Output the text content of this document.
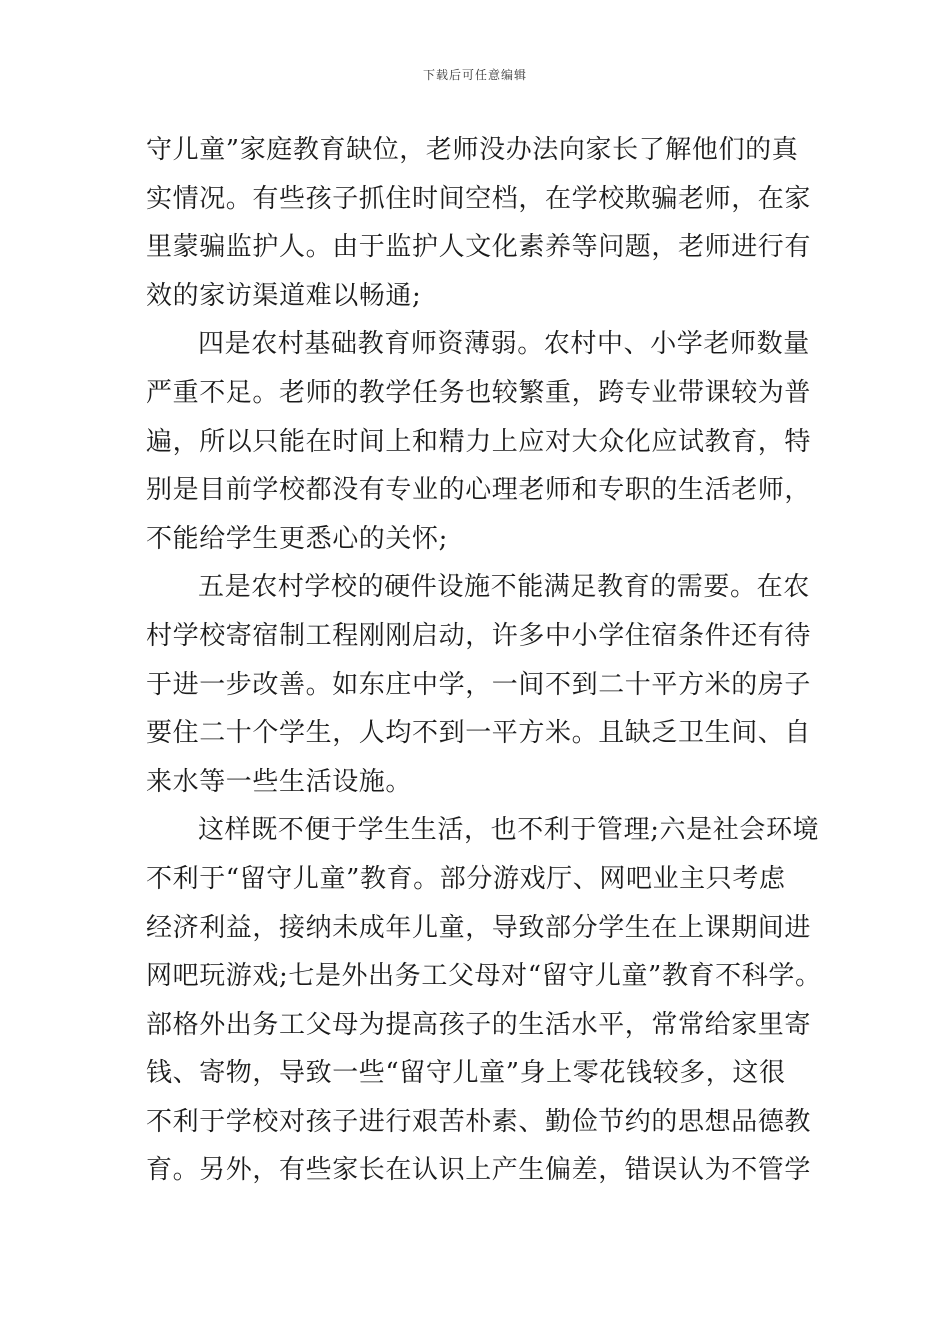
下载后可任意编辑
守儿童”家庭教育缺位，老师没办法向家长了解他们的真
实情况。有些孩子抓住时间空档，在学校欺骗老师，在家
里蒙骗监护人。由于监护人文化素养等问题，老师进行有
效的家访渠道难以畅通;
四是农村基础教育师资薄弱。农村中、小学老师数量
严重不足。老师的教学任务也较繁重，跨专业带课较为普
遍，所以只能在时间上和精力上应对大众化应试教育，特
别是目前学校都没有专业的心理老师和专职的生活老师，
不能给学生更悉心的关怀;
五是农村学校的硬件设施不能满足教育的需要。在农
村学校寄宿制工程刚刚启动，许多中小学住宿条件还有待
于进一步改善。如东庄中学，一间不到二十平方米的房子
要住二十个学生，人均不到一平方米。且缺乏卫生间、自
来水等一些生活设施。
这样既不便于学生生活，也不利于管理;六是社会环境
不利于“留守儿童”教育。部分游戏厅、网吧业主只考虑
经济利益，接纳未成年儿童，导致部分学生在上课期间进
网吧玩游戏;七是外出务工父母对“留守儿童”教育不科学。
部格外出务工父母为提高孩子的生活水平，常常给家里寄
钱、寄物，导致一些“留守儿童”身上零花钱较多，这很
不利于学校对孩子进行艰苦朴素、勤俭节约的思想品德教
育。另外，有些家长在认识上产生偏差，错误认为不管学
